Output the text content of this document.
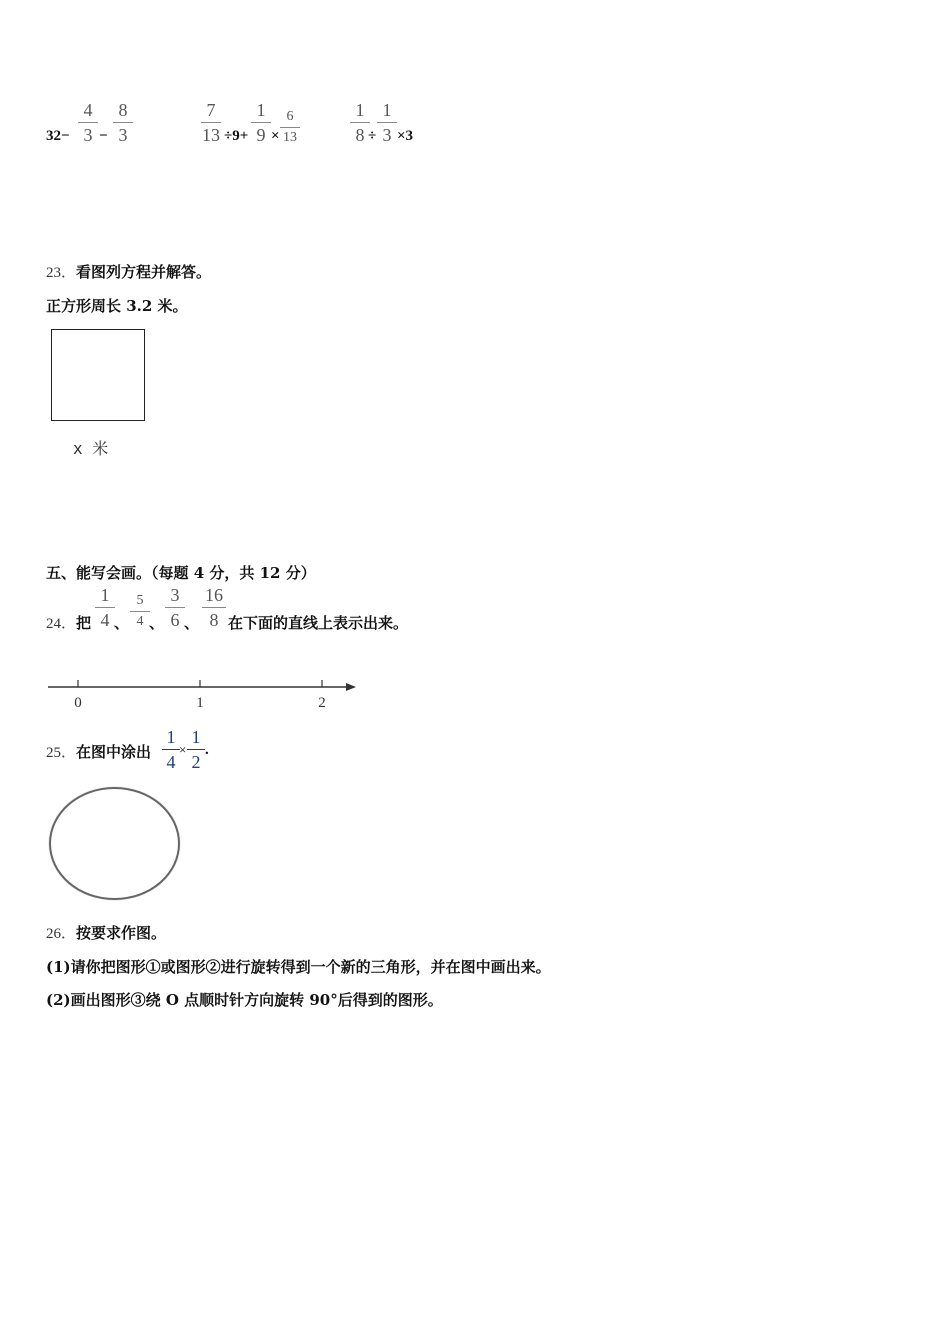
32−
4
3 −
8
3
7
13 ÷9+
1
9 ×
6
13
1
8 ÷
1
3 ×3
23．看图列方程并解答。
正方形周长 3.2 米。
x 米
五、能写会画。（每题 4 分，共 12 分）
24．把
1
4 、
5
4 、
3
6 、
16
8 在下面的直线上表示出来。
0	1	2
25．在图中涂出
1
4
×
1
2
.
26．按要求作图。
(1)请你把图形①或图形②进行旋转得到一个新的三角形，并在图中画出来。
(2)画出图形③绕 O 点顺时针方向旋转 90°后得到的图形。
